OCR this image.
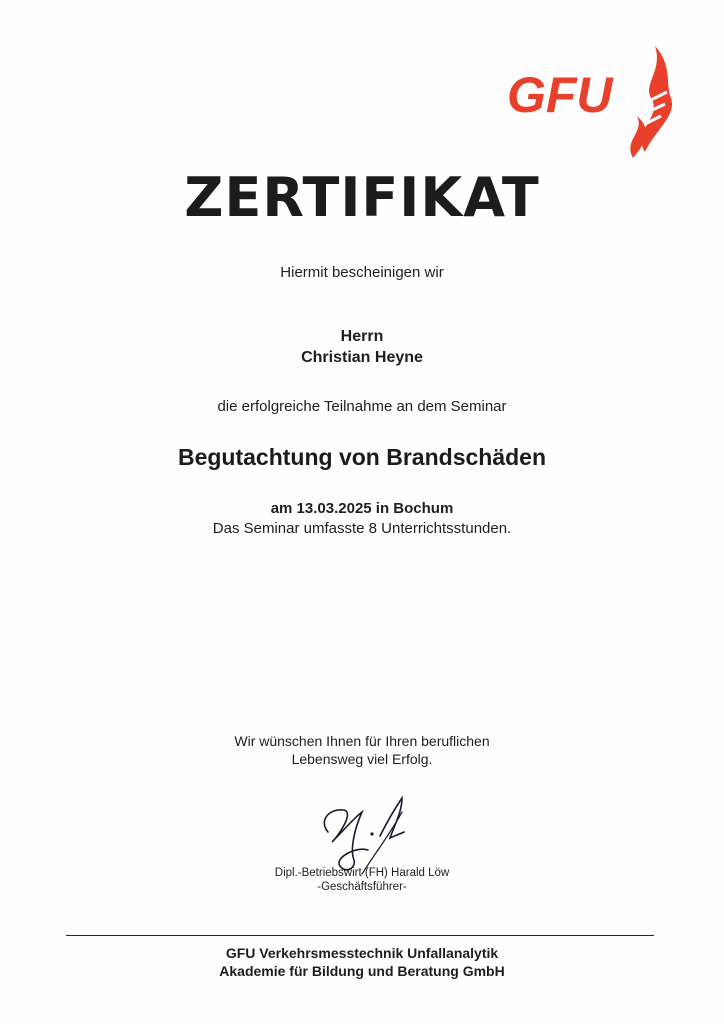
GFU
ZERTIFIKAT
Hiermit bescheinigen wir
Herrn
Christian Heyne
die erfolgreiche Teilnahme an dem Seminar
Begutachtung von Brandschäden
am 13.03.2025 in Bochum
Das Seminar umfasste 8 Unterrichtsstunden.
Wir wünschen Ihnen für Ihren beruflichen
Lebensweg viel Erfolg.
Dipl.-Betriebswirt (FH) Harald Löw
-Geschäftsführer-
GFU Verkehrsmesstechnik Unfallanalytik
Akademie für Bildung und Beratung GmbH
